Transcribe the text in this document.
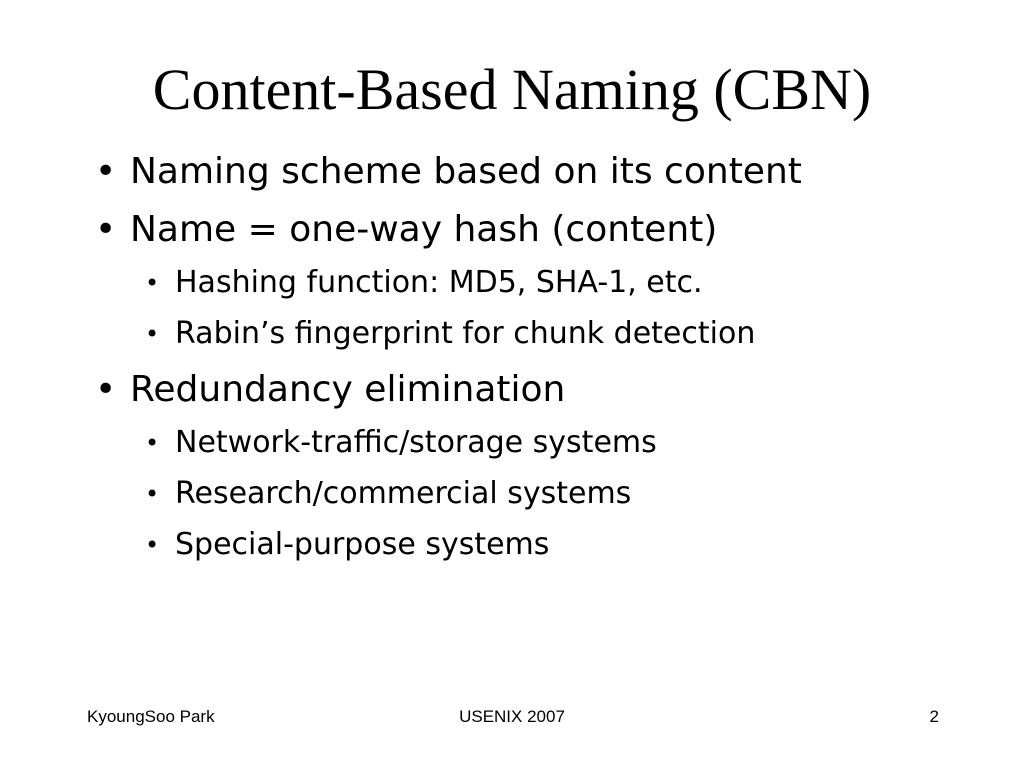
Content-Based Naming (CBN)
• Naming scheme based on its content
• Name = one-way hash (content)
• Hashing function: MD5, SHA-1, etc.
• Rabin’s fingerprint for chunk detection
• Redundancy elimination
• Network-traffic/storage systems
• Research/commercial systems
• Special-purpose systems
KyoungSoo Park	USENIX 2007	2
